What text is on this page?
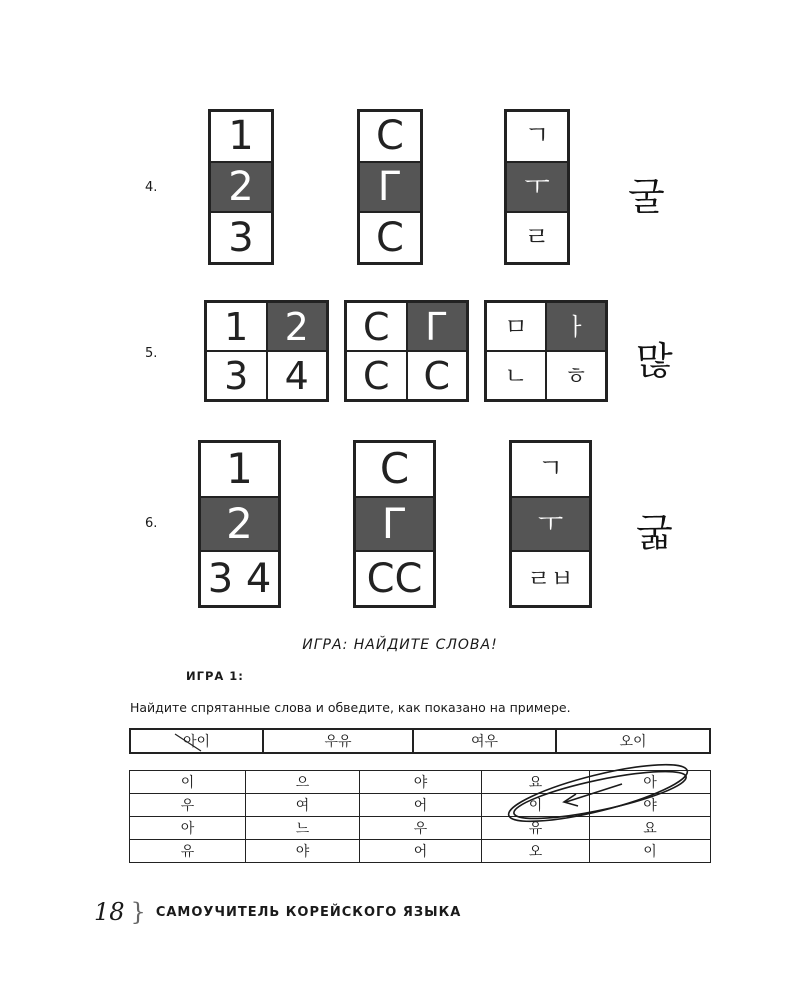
4.
1
2
3
C
Г
C
ㄱ
ㅜ
ㄹ
굴
5.
1 2
3 4
C Г
C C
ㅁ	ㅏ
ㄴ	ㅎ	많
6.
1
2
3 4
C
Г
CC
ㄱ
ㅜ
ㄹㅂ
굷
ИГРА: НАЙДИТЕ СЛОВА!
ИГРА 1:
Найдите спрятанные слова и обведите, как показано на примере.
아이	우유	여우	오이
이	으	야	요	아
우	여	어	이	야
아	느	우	유	요
유	야	어	오	이
18 } САМОУЧИТЕЛЬ КОРЕЙСКОГО ЯЗЫКА
